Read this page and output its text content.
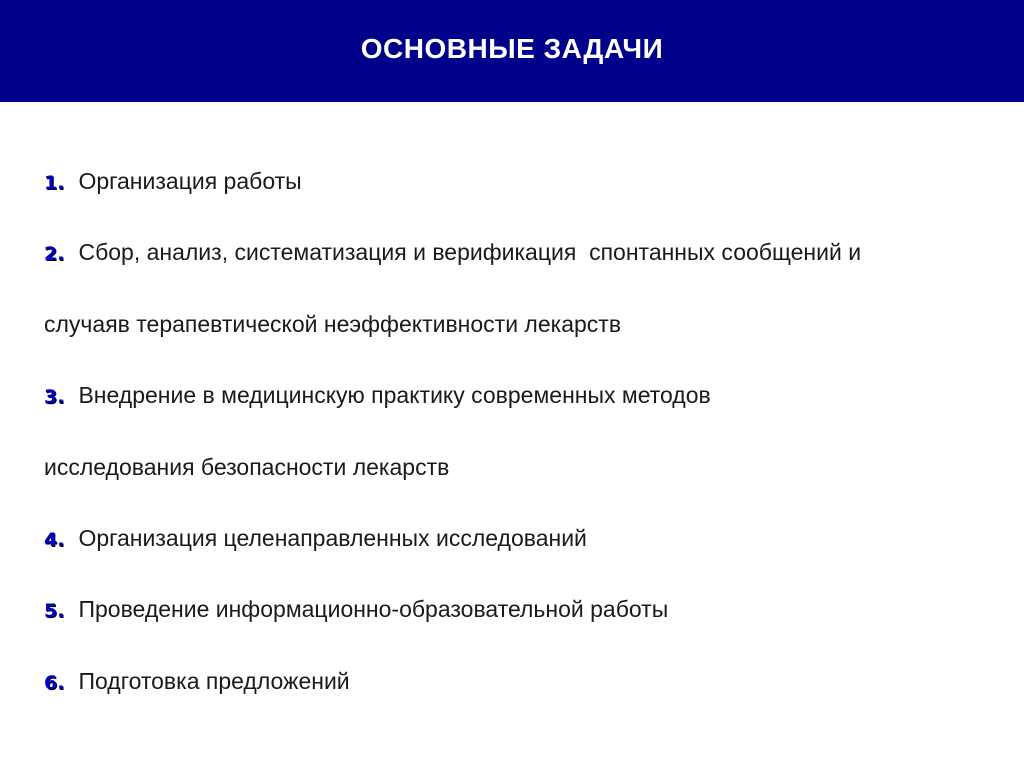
ОСНОВНЫЕ ЗАДАЧИ
1. Организация работы
2. Сбор, анализ, систематизация и верификация  спонтанных сообщений и
случаяв терапевтической неэффективности лекарств
3. Внедрение в медицинскую практику современных методов
исследования безопасности лекарств
4. Организация целенаправленных исследований
5. Проведение информационно-образовательной работы
6. Подготовка предложений
